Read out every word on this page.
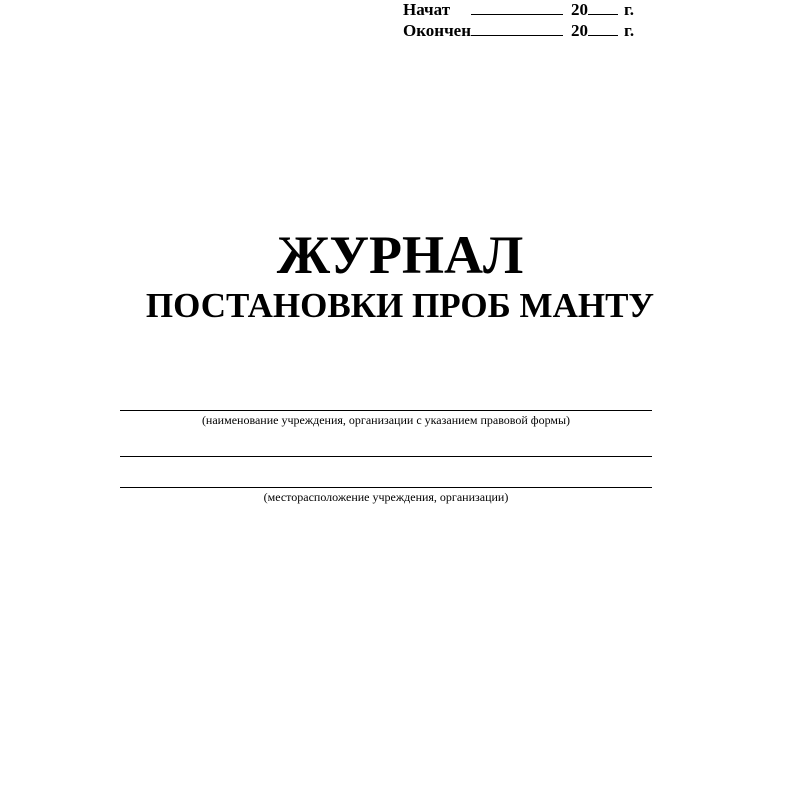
ЖУРНАЛ
ПОСТАНОВКИ ПРОБ МАНТУ
(наименование учреждения, организации с указанием правовой формы)
(месторасположение учреждения, организации)
Начат	20 г.
Окончен	20 г.
